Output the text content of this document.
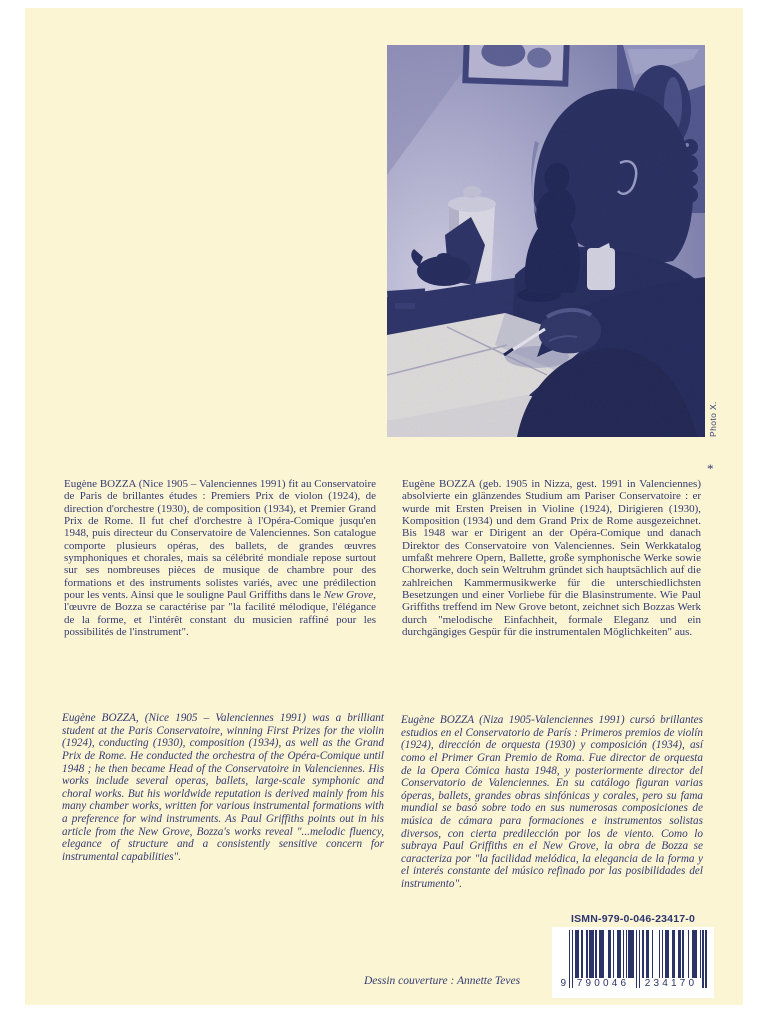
Photo X.

Eugène BOZZA (Nice 1905 – Valenciennes 1991) fit au Conservatoire de Paris de brillantes études : Premiers Prix de violon (1924), de direction d'orchestre (1930), de composition (1934), et Premier Grand Prix de Rome. Il fut chef d'orchestre à l'Opéra-Comique jusqu'en 1948, puis directeur du Conservatoire de Valenciennes. Son catalogue comporte plusieurs opéras, des ballets, de grandes œuvres symphoniques et chorales, mais sa célébrité mondiale repose surtout sur ses nombreuses pièces de musique de chambre pour des formations et des instruments solistes variés, avec une prédilection pour les vents. Ainsi que le souligne Paul Griffiths dans le New Grove, l'œuvre de Bozza se caractérise par "la facilité mélodique, l'élégance de la forme, et l'intérêt constant du musicien raffiné pour les possibilités de l'instrument".

Eugène BOZZA (geb. 1905 in Nizza, gest. 1991 in Valenciennes) absolvierte ein glänzendes Studium am Pariser Conservatoire : er wurde mit Ersten Preisen in Violine (1924), Dirigieren (1930), Komposition (1934) und dem Grand Prix de Rome ausgezeichnet. Bis 1948 war er Dirigent an der Opéra-Comique und danach Direktor des Conservatoire von Valenciennes. Sein Werkkatalog umfaßt mehrere Opern, Ballette, große symphonische Werke sowie Chorwerke, doch sein Weltruhm gründet sich hauptsächlich auf die zahlreichen Kammermusikwerke für die unterschiedlichsten Besetzungen und einer Vorliebe für die Blasinstrumente. Wie Paul Griffiths treffend im New Grove betont, zeichnet sich Bozzas Werk durch "melodische Einfachheit, formale Eleganz und ein durchgängiges Gespür für die instrumentalen Möglichkeiten" aus.

*

Eugène BOZZA, (Nice 1905 – Valenciennes 1991) was a brilliant student at the Paris Conservatoire, winning First Prizes for the violin (1924), conducting (1930), composition (1934), as well as the Grand Prix de Rome. He conducted the orchestra of the Opéra-Comique until 1948 ; he then became Head of the Conservatoire in Valenciennes. His works include several operas, ballets, large-scale symphonic and choral works. But his worldwide reputation is derived mainly from his many chamber works, written for various instrumental formations with a preference for wind instruments. As Paul Griffiths points out in his article from the New Grove, Bozza's works reveal "...melodic fluency, elegance of structure and a consistently sensitive concern for instrumental capabilities".

Eugène BOZZA (Niza 1905-Valenciennes 1991) cursó brillantes estudios en el Conservatorio de París : Primeros premios de violín (1924), dirección de orquesta (1930) y composición (1934), así como el Primer Gran Premio de Roma. Fue director de orquesta de la Opera Cómica hasta 1948, y posteriormente director del Conservatorio de Valenciennes. En su catálogo figuran varias óperas, ballets, grandes obras sinfónicas y corales, pero su fama mundial se basó sobre todo en sus numerosas composiciones de música de cámara para formaciones e instrumentos solistas diversos, con cierta predilección por los de viento. Como lo subraya Paul Griffiths en el New Grove, la obra de Bozza se caracteriza por "la facilidad melódica, la elegancia de la forma y el interés constante del músico refinado por las posibilidades del instrumento".

ISMN-979-0-046-23417-0
9	790046	234170
Dessin couverture : Annette Teves
